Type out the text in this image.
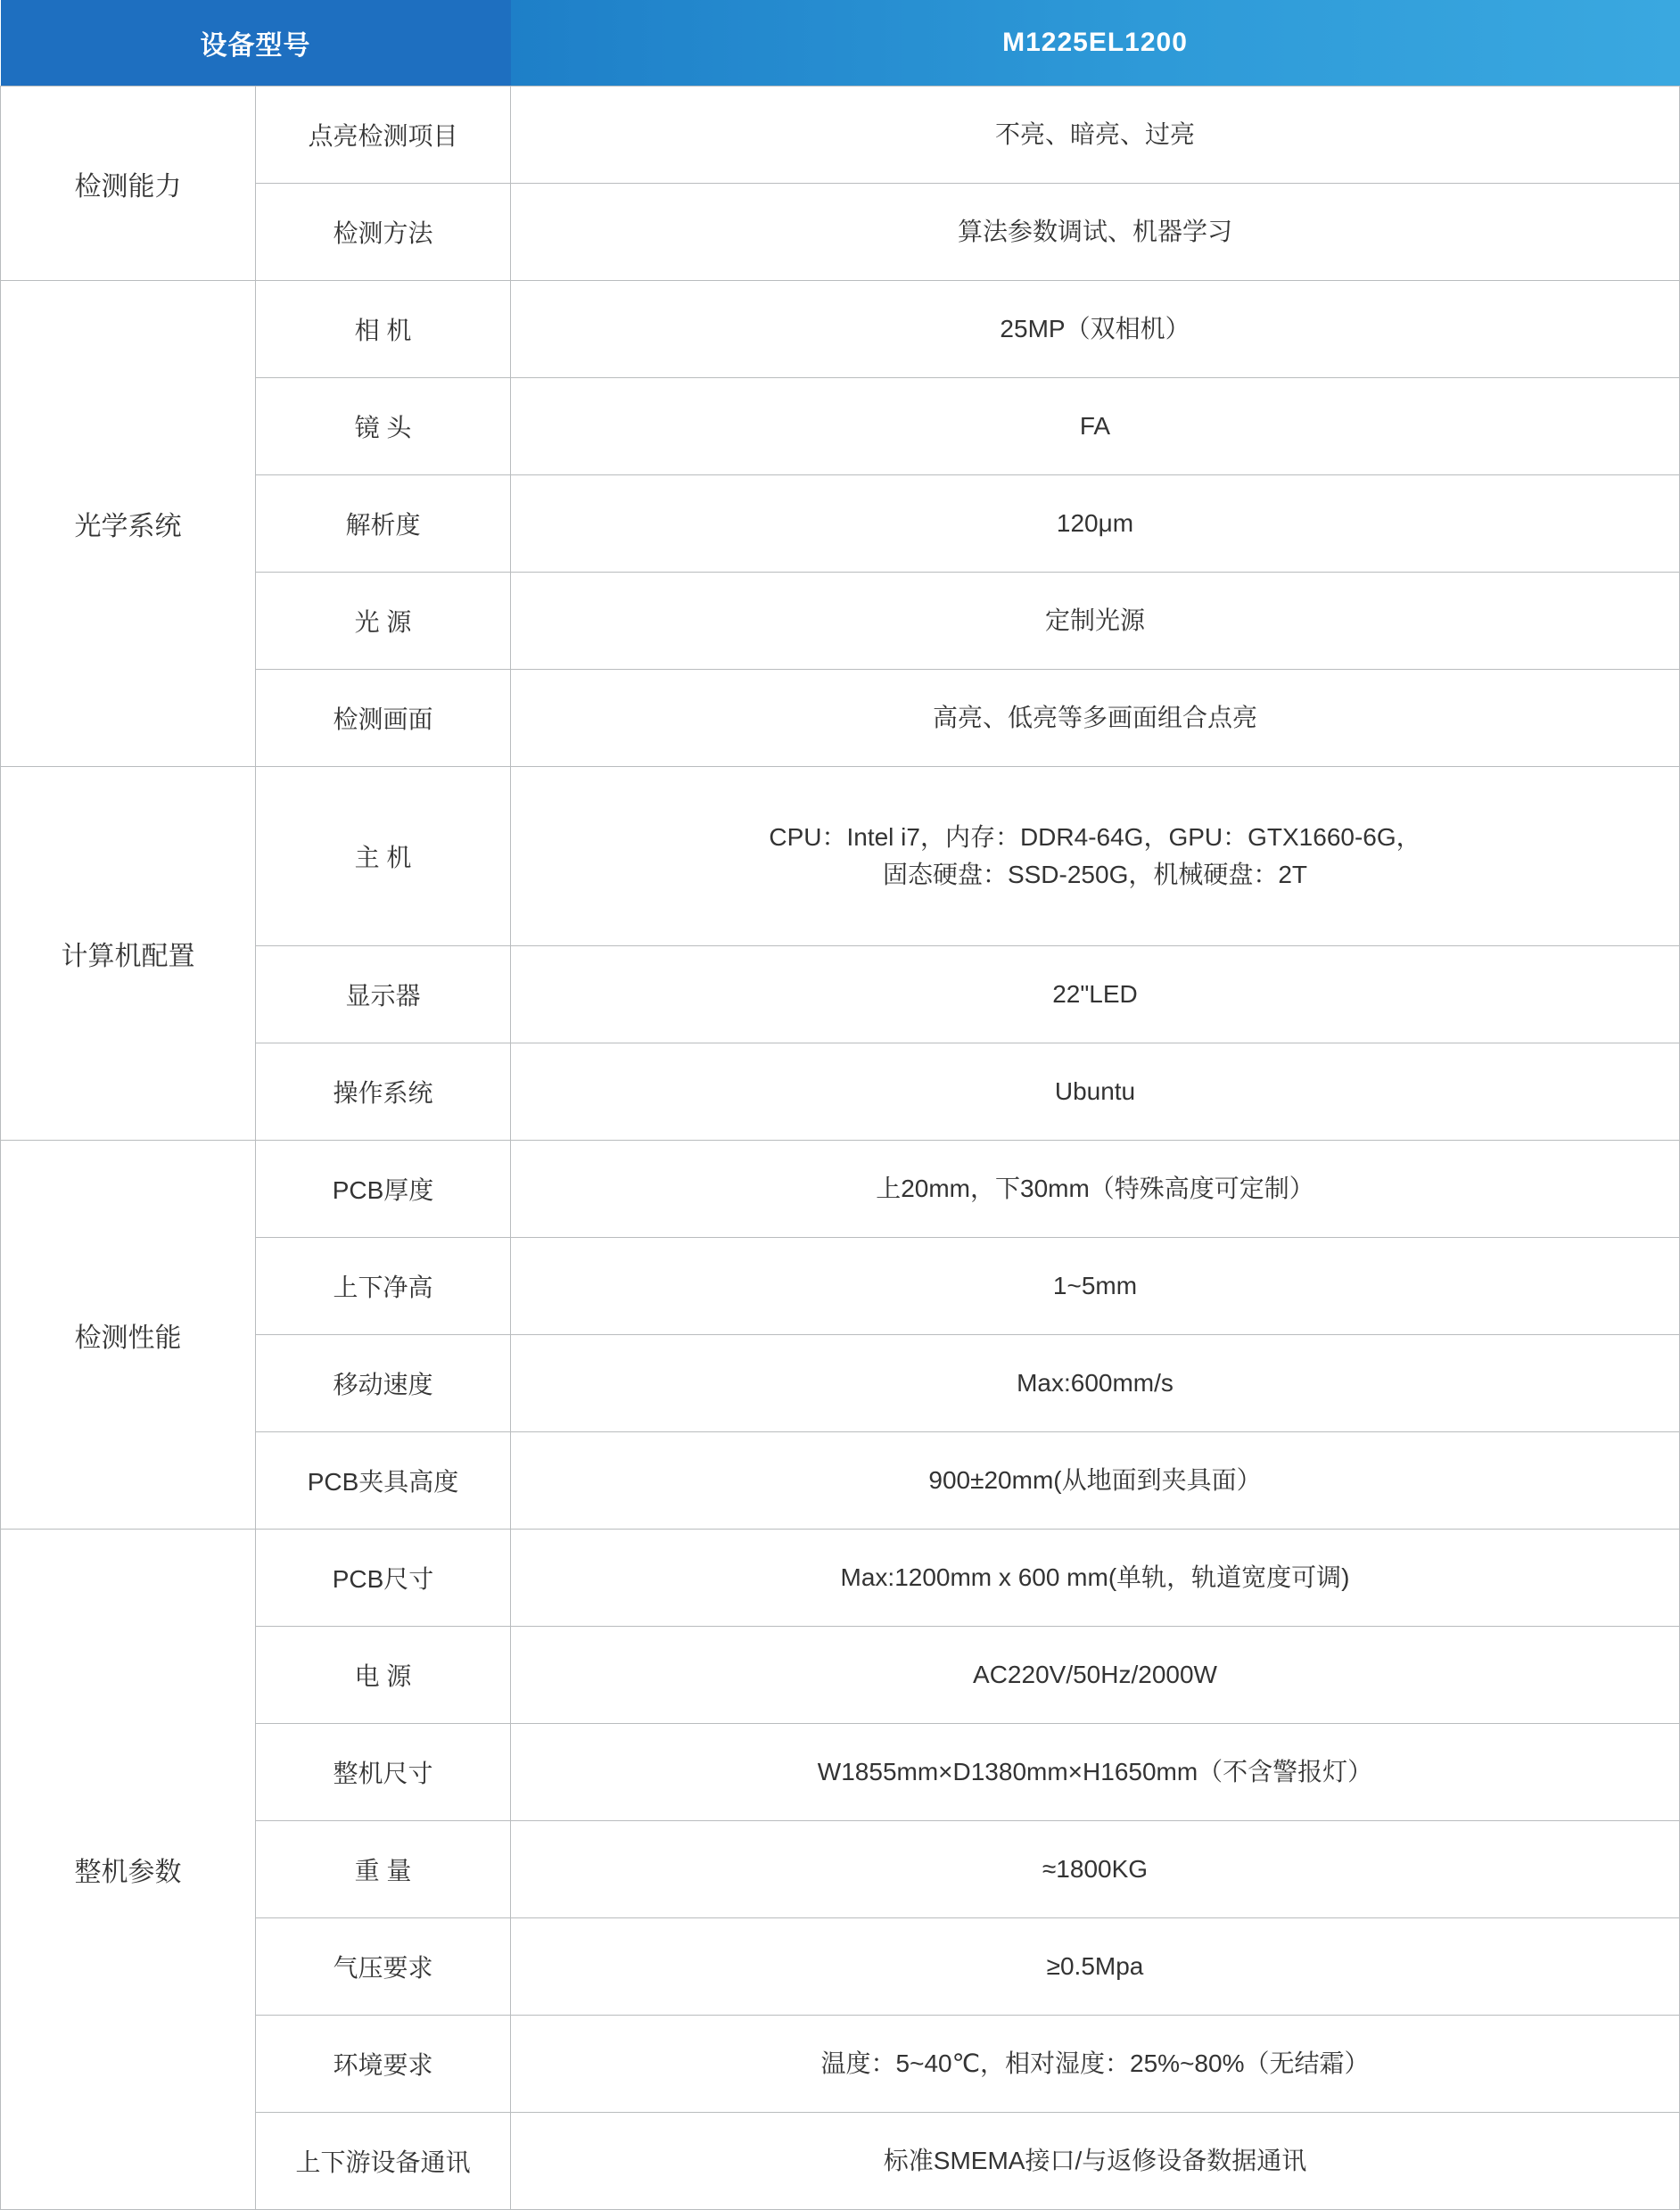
设备型号		M1225EL1200
检测能力	点亮检测项目	不亮、暗亮、过亮

	检测方法	算法参数调试、机器学习

光学系统	相 机	25MP（双相机）

	镜 头	FA

	解析度	120μm

	光 源	定制光源

	检测画面	高亮、低亮等多画面组合点亮

计算机配置	主 机	CPU：Intel i7，内存：DDR4-64G，GPU：GTX1660-6G，
固态硬盘：SSD-250G，机械硬盘：2T

	显示器	22"LED

	操作系统	Ubuntu

检测性能	PCB厚度	上20mm，下30mm（特殊高度可定制）

	上下净高	1~5mm

	移动速度	Max:600mm/s

	PCB夹具高度	900±20mm(从地面到夹具面）

整机参数	PCB尺寸	Max:1200mm x 600 mm(单轨，轨道宽度可调)

	电 源	AC220V/50Hz/2000W

	整机尺寸	W1855mm×D1380mm×H1650mm（不含警报灯）

	重 量	≈1800KG

	气压要求	≥0.5Mpa

	环境要求	温度：5~40℃，相对湿度：25%~80%（无结霜）

	上下游设备通讯	标准SMEMA接口/与返修设备数据通讯
